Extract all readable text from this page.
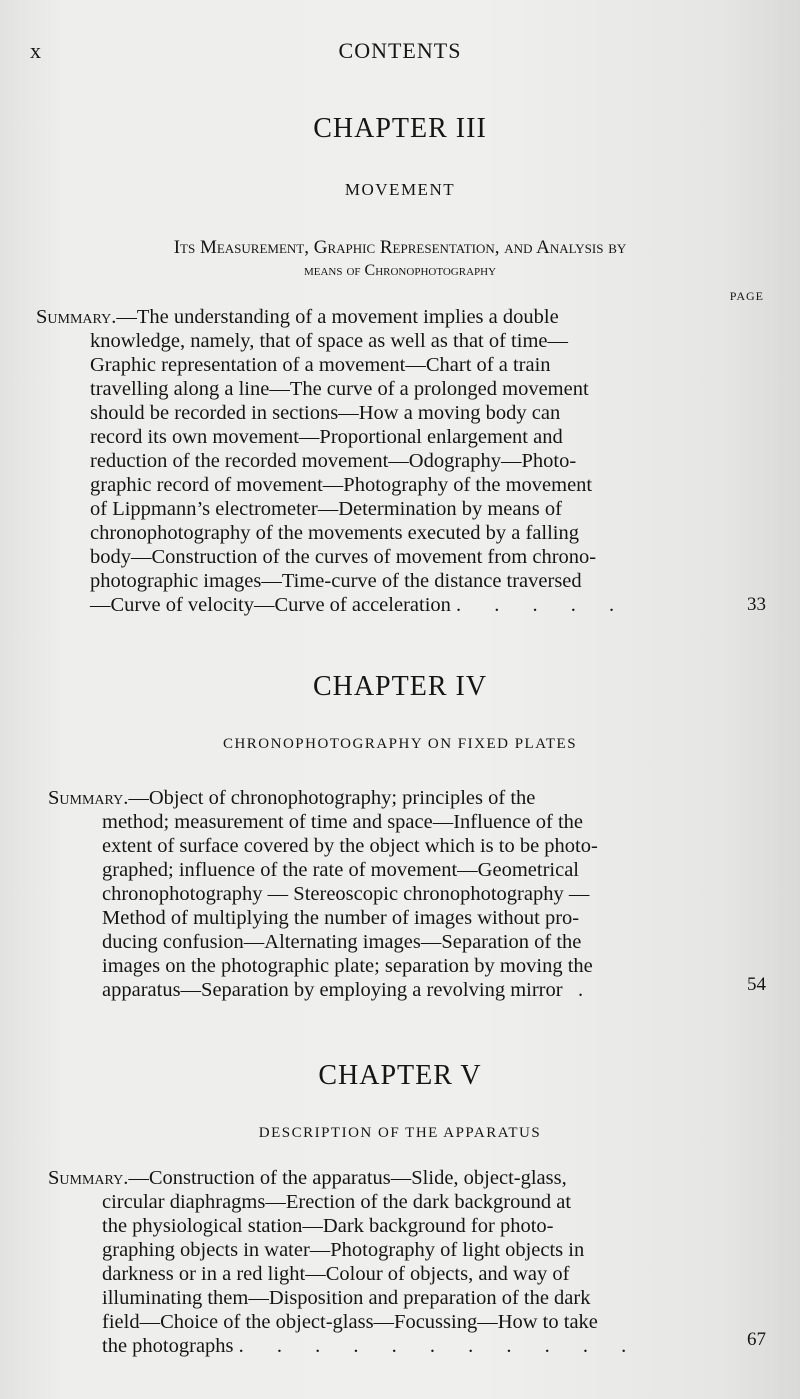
x	CONTENTS
CHAPTER III
MOVEMENT
Its Measurement, Graphic Representation, and Analysis by
means of Chronophotography
PAGE
Summary.—The understanding of a movement implies a double
knowledge, namely, that of space as well as that of time—
Graphic representation of a movement—Chart of a train
travelling along a line—The curve of a prolonged movement
should be recorded in sections—How a moving body can
record its own movement—Proportional enlargement and
reduction of the recorded movement—Odography—Photo-
graphic record of movement—Photography of the movement
of Lippmann’s electrometer—Determination by means of
chronophotography of the movements executed by a falling
body—Construction of the curves of movement from chrono-
photographic images—Time-curve of the distance traversed
—Curve of velocity—Curve of acceleration . . . . .	33
CHAPTER IV
CHRONOPHOTOGRAPHY ON FIXED PLATES
Summary.—Object of chronophotography; principles of the
method; measurement of time and space—Influence of the
extent of surface covered by the object which is to be photo-
graphed; influence of the rate of movement—Geometrical
chronophotography — Stereoscopic chronophotography —
Method of multiplying the number of images without pro-
ducing confusion—Alternating images—Separation of the
images on the photographic plate; separation by moving the
apparatus—Separation by employing a revolving mirror .	54
CHAPTER V
DESCRIPTION OF THE APPARATUS
Summary.—Construction of the apparatus—Slide, object-glass,
circular diaphragms—Erection of the dark background at
the physiological station—Dark background for photo-
graphing objects in water—Photography of light objects in
darkness or in a red light—Colour of objects, and way of
illuminating them—Disposition and preparation of the dark
field—Choice of the object-glass—Focussing—How to take
the photographs . . . . . . . . . . .	67
